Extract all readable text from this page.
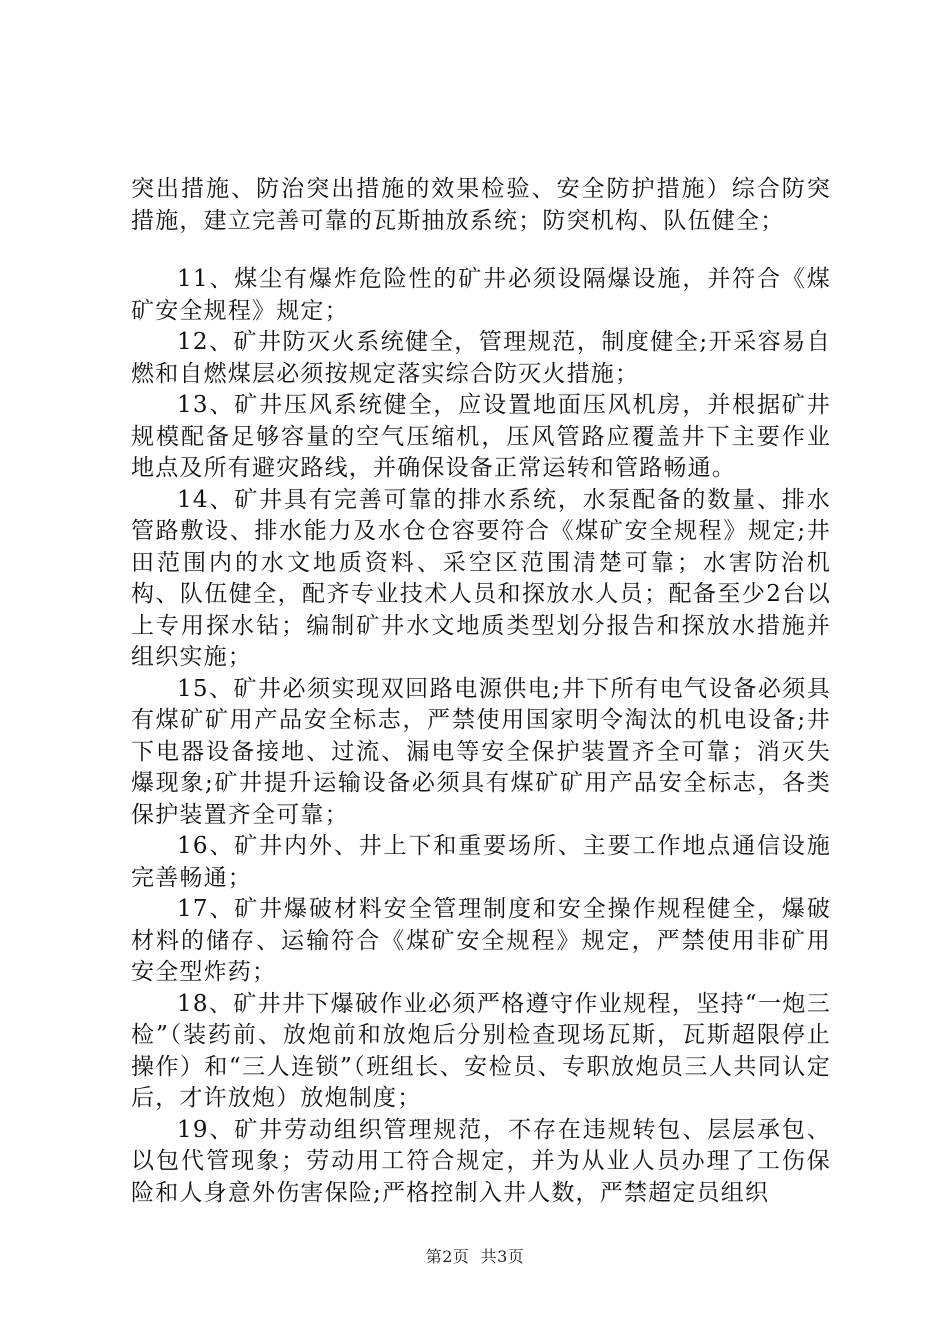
突出措施、防治突出措施的效果检验、安全防护措施）综合防突措施，建立完善可靠的瓦斯抽放系统；防突机构、队伍健全；

11、煤尘有爆炸危险性的矿井必须设隔爆设施，并符合《煤矿安全规程》规定；

12、矿井防灭火系统健全，管理规范，制度健全;开采容易自燃和自燃煤层必须按规定落实综合防灭火措施；

13、矿井压风系统健全，应设置地面压风机房，并根据矿井规模配备足够容量的空气压缩机，压风管路应覆盖井下主要作业地点及所有避灾路线，并确保设备正常运转和管路畅通。

14、矿井具有完善可靠的排水系统，水泵配备的数量、排水管路敷设、排水能力及水仓仓容要符合《煤矿安全规程》规定;井田范围内的水文地质资料、采空区范围清楚可靠；水害防治机构、队伍健全，配齐专业技术人员和探放水人员；配备至少2台以上专用探水钻；编制矿井水文地质类型划分报告和探放水措施并组织实施；

15、矿井必须实现双回路电源供电;井下所有电气设备必须具有煤矿矿用产品安全标志，严禁使用国家明令淘汰的机电设备;井下电器设备接地、过流、漏电等安全保护装置齐全可靠；消灭失爆现象;矿井提升运输设备必须具有煤矿矿用产品安全标志，各类保护装置齐全可靠；

16、矿井内外、井上下和重要场所、主要工作地点通信设施完善畅通；

17、矿井爆破材料安全管理制度和安全操作规程健全，爆破材料的储存、运输符合《煤矿安全规程》规定，严禁使用非矿用安全型炸药；

18、矿井井下爆破作业必须严格遵守作业规程，坚持“一炮三检”（装药前、放炮前和放炮后分别检查现场瓦斯，瓦斯超限停止操作）和“三人连锁”（班组长、安检员、专职放炮员三人共同认定后，才许放炮）放炮制度；

19、矿井劳动组织管理规范，不存在违规转包、层层承包、以包代管现象；劳动用工符合规定，并为从业人员办理了工伤保险和人身意外伤害保险;严格控制入井人数，严禁超定员组织

第2页  共3页
